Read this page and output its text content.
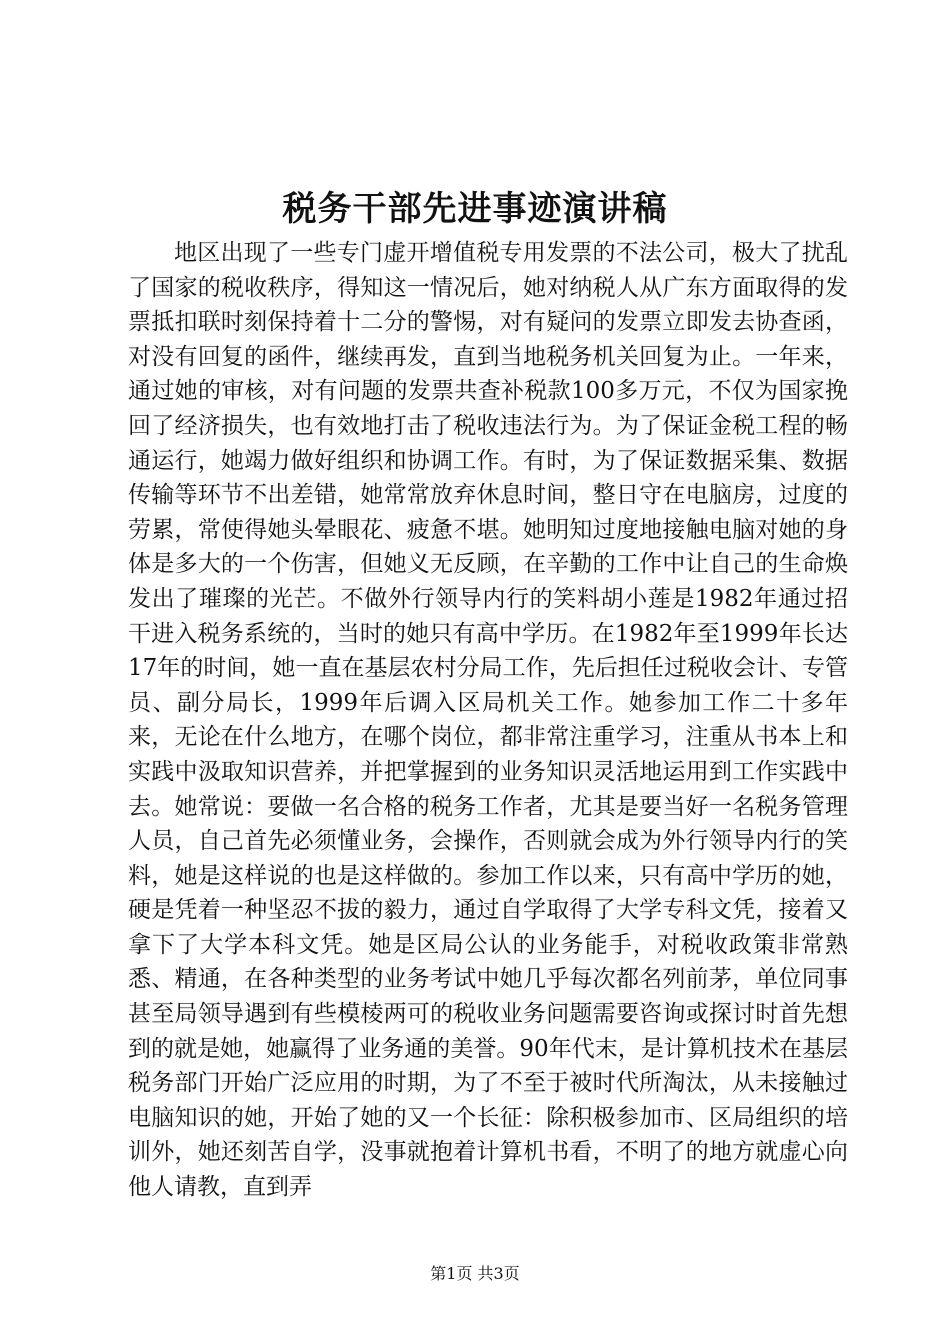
税务干部先进事迹演讲稿

地区出现了一些专门虚开增值税专用发票的不法公司，极大了扰乱了国家的税收秩序，得知这一情况后，她对纳税人从广东方面取得的发票抵扣联时刻保持着十二分的警惕，对有疑问的发票立即发去协查函，对没有回复的函件，继续再发，直到当地税务机关回复为止。一年来，通过她的审核，对有问题的发票共查补税款100多万元，不仅为国家挽回了经济损失，也有效地打击了税收违法行为。为了保证金税工程的畅通运行，她竭力做好组织和协调工作。有时，为了保证数据采集、数据传输等环节不出差错，她常常放弃休息时间，整日守在电脑房，过度的劳累，常使得她头晕眼花、疲惫不堪。她明知过度地接触电脑对她的身体是多大的一个伤害，但她义无反顾，在辛勤的工作中让自己的生命焕发出了璀璨的光芒。不做外行领导内行的笑料胡小莲是1982年通过招干进入税务系统的，当时的她只有高中学历。在1982年至1999年长达17年的时间，她一直在基层农村分局工作，先后担任过税收会计、专管员、副分局长，1999年后调入区局机关工作。她参加工作二十多年来，无论在什么地方，在哪个岗位，都非常注重学习，注重从书本上和实践中汲取知识营养，并把掌握到的业务知识灵活地运用到工作实践中去。她常说：要做一名合格的税务工作者，尤其是要当好一名税务管理人员，自己首先必须懂业务，会操作，否则就会成为外行领导内行的笑料，她是这样说的也是这样做的。参加工作以来，只有高中学历的她，硬是凭着一种坚忍不拔的毅力，通过自学取得了大学专科文凭，接着又拿下了大学本科文凭。她是区局公认的业务能手，对税收政策非常熟悉、精通，在各种类型的业务考试中她几乎每次都名列前茅，单位同事甚至局领导遇到有些模棱两可的税收业务问题需要咨询或探讨时首先想到的就是她，她赢得了业务通的美誉。90年代末，是计算机技术在基层税务部门开始广泛应用的时期，为了不至于被时代所淘汰，从未接触过电脑知识的她，开始了她的又一个长征：除积极参加市、区局组织的培训外，她还刻苦自学，没事就抱着计算机书看，不明了的地方就虚心向他人请教，直到弄

第1页 共3页
